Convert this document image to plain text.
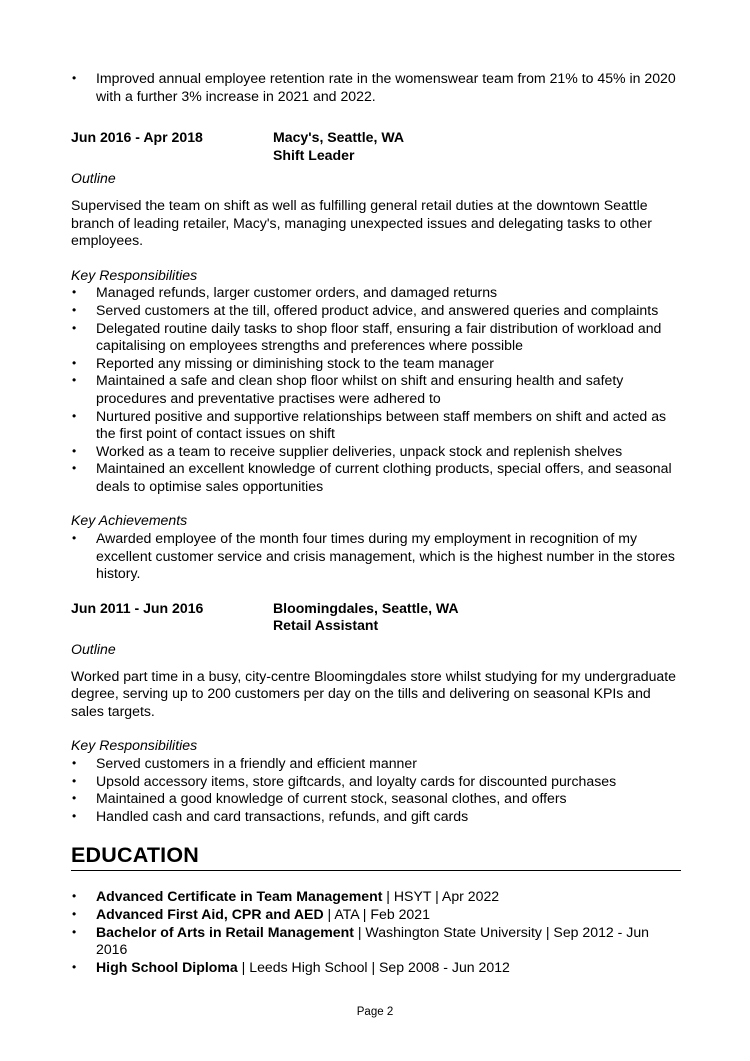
• Improved annual employee retention rate in the womenswear team from 21% to 45% in 2020 with a further 3% increase in 2021 and 2022.
Jun 2016 - Apr 2018	Macy's, Seattle, WA
Shift Leader
Outline

Supervised the team on shift as well as fulfilling general retail duties at the downtown Seattle branch of leading retailer, Macy's, managing unexpected issues and delegating tasks to other employees.

Key Responsibilities
• Managed refunds, larger customer orders, and damaged returns
• Served customers at the till, offered product advice, and answered queries and complaints
• Delegated routine daily tasks to shop floor staff, ensuring a fair distribution of workload and capitalising on employees strengths and preferences where possible
• Reported any missing or diminishing stock to the team manager
• Maintained a safe and clean shop floor whilst on shift and ensuring health and safety procedures and preventative practises were adhered to
• Nurtured positive and supportive relationships between staff members on shift and acted as the first point of contact issues on shift
• Worked as a team to receive supplier deliveries, unpack stock and replenish shelves
• Maintained an excellent knowledge of current clothing products, special offers, and seasonal deals to optimise sales opportunities
Key Achievements
• Awarded employee of the month four times during my employment in recognition of my excellent customer service and crisis management, which is the highest number in the stores history.
Jun 2011 - Jun 2016	Bloomingdales, Seattle, WA
Retail Assistant
Outline

Worked part time in a busy, city-centre Bloomingdales store whilst studying for my undergraduate degree, serving up to 200 customers per day on the tills and delivering on seasonal KPIs and sales targets.

Key Responsibilities
• Served customers in a friendly and efficient manner
• Upsold accessory items, store giftcards, and loyalty cards for discounted purchases
• Maintained a good knowledge of current stock, seasonal clothes, and offers
• Handled cash and card transactions, refunds, and gift cards
EDUCATION
• Advanced Certificate in Team Management | HSYT | Apr 2022
• Advanced First Aid, CPR and AED | ATA | Feb 2021
• Bachelor of Arts in Retail Management | Washington State University | Sep 2012 - Jun 2016
• High School Diploma | Leeds High School | Sep 2008 - Jun 2012
Page 2
